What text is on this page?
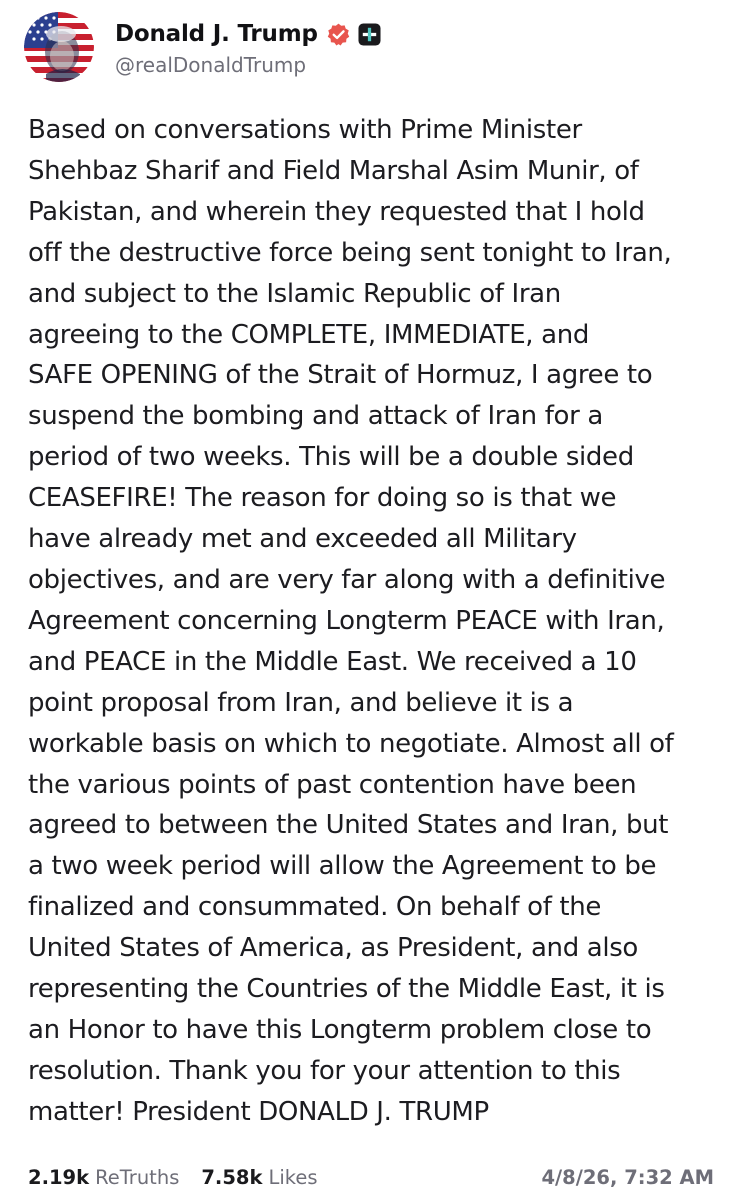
Donald J. Trump
@realDonaldTrump
Based on conversations with Prime Minister
Shehbaz Sharif and Field Marshal Asim Munir, of
Pakistan, and wherein they requested that I hold
off the destructive force being sent tonight to Iran,
and subject to the Islamic Republic of Iran
agreeing to the COMPLETE, IMMEDIATE, and
SAFE OPENING of the Strait of Hormuz, I agree to
suspend the bombing and attack of Iran for a
period of two weeks. This will be a double sided
CEASEFIRE! The reason for doing so is that we
have already met and exceeded all Military
objectives, and are very far along with a definitive
Agreement concerning Longterm PEACE with Iran,
and PEACE in the Middle East. We received a 10
point proposal from Iran, and believe it is a
workable basis on which to negotiate. Almost all of
the various points of past contention have been
agreed to between the United States and Iran, but
a two week period will allow the Agreement to be
finalized and consummated. On behalf of the
United States of America, as President, and also
representing the Countries of the Middle East, it is
an Honor to have this Longterm problem close to
resolution. Thank you for your attention to this
matter! President DONALD J. TRUMP
2.19k ReTruths 7.58k Likes	4/8/26, 7:32 AM
